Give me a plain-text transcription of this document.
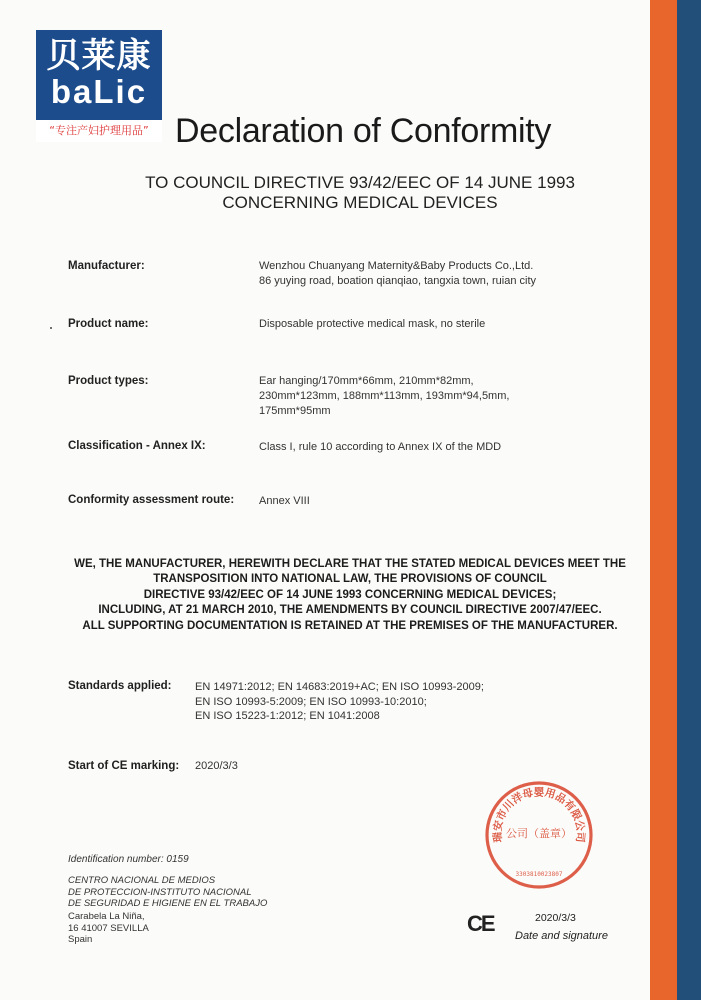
贝莱康
baLic
“专注产妇护理用品” Declaration of Conformity
TO COUNCIL DIRECTIVE 93/42/EEC OF 14 JUNE 1993
CONCERNING MEDICAL DEVICES
Manufacturer:	Wenzhou Chuanyang Maternity&Baby Products Co.,Ltd.
86 yuying road, boation qianqiao, tangxia town, ruian city
Product name:	Disposable protective medical mask, no sterile
Product types:	Ear hanging/170mm*66mm, 210mm*82mm,
230mm*123mm, 188mm*113mm, 193mm*94,5mm,
175mm*95mm
Classification - Annex IX:	Class I, rule 10 according to Annex IX of the MDD
Conformity assessment route: Annex VIII
WE, THE MANUFACTURER, HEREWITH DECLARE THAT THE STATED MEDICAL DEVICES MEET THE
TRANSPOSITION INTO NATIONAL LAW, THE PROVISIONS OF COUNCIL
DIRECTIVE 93/42/EEC OF 14 JUNE 1993 CONCERNING MEDICAL DEVICES;
INCLUDING, AT 21 MARCH 2010, THE AMENDMENTS BY COUNCIL DIRECTIVE 2007/47/EEC.
ALL SUPPORTING DOCUMENTATION IS RETAINED AT THE PREMISES OF THE MANUFACTURER.
Standards applied: EN 14971:2012; EN 14683:2019+AC; EN ISO 10993-2009;
EN ISO 10993-5:2009; EN ISO 10993-10:2010;
EN ISO 15223-1:2012; EN 1041:2008
Start of CE marking: 2020/3/3
Identification number: 0159
CENTRO NACIONAL DE MEDIOS
DE PROTECCION-INSTITUTO NACIONAL
DE SEGURIDAD E HIGIENE EN EL TRABAJO
Carabela La Niña,
16 41007 SEVILLA
Spain
瑞安市川洋母婴用品有限公司
公司（盖章）
3303810023807
CE	2020/3/3
Date and signature
